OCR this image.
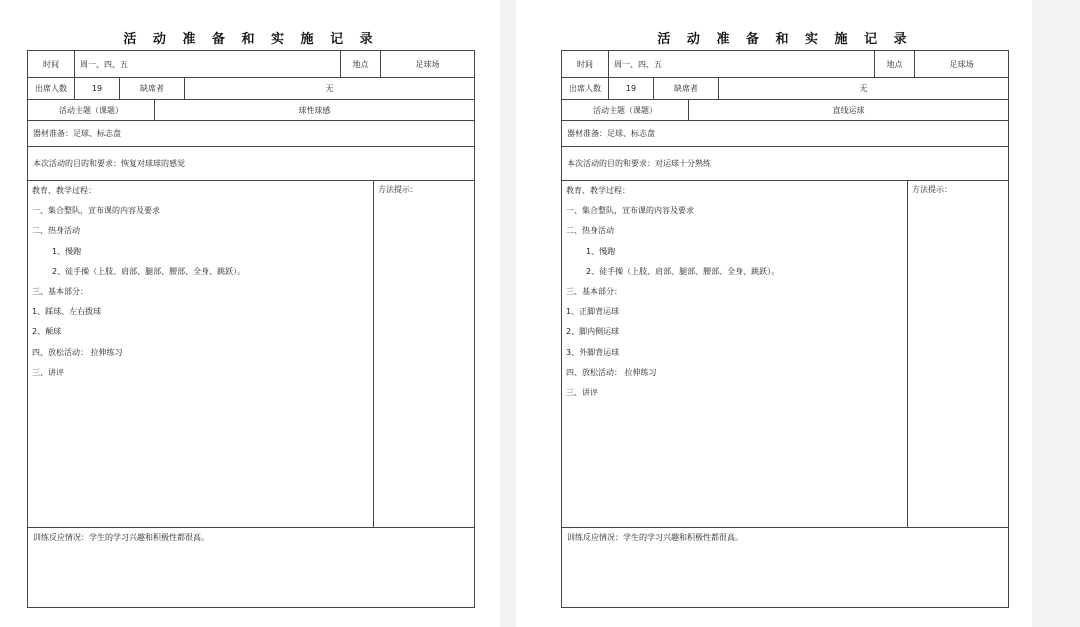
活 动 准 备 和 实 施 记 录
时间	周一、四、五	地点	足球场
出席人数	19	缺席者	无
活动主题（课题）	球性球感
器材准备：足球、标志盘
本次活动的目的和要求：恢复对球球的感觉
教育、教学过程：
一、集合整队，宣布课的内容及要求
二、热身活动
1、慢跑
2、徒手操（上肢、肩部、腿部、腰部、全身、跳跃）。
三、基本部分：
1、踩球、左右拨球
2、颠球
四、放松活动： 拉伸练习
三、讲评
方法提示：
训练反应情况：学生的学习兴趣和积极性都很高。
活 动 准 备 和 实 施 记 录
时间	周一、四、五	地点	足球场
出席人数	19	缺席者	无
活动主题（课题）	直线运球
器材准备：足球、标志盘
本次活动的目的和要求：对运球十分熟练
教育、教学过程：
一、集合整队，宣布课的内容及要求
二、热身活动
1、慢跑
2、徒手操（上肢、肩部、腿部、腰部、全身、跳跃）。
三、基本部分：
1、正脚背运球
2、脚内侧运球
3、外脚背运球
四、放松活动： 拉伸练习
三、讲评
方法提示：
训练反应情况：学生的学习兴趣和积极性都很高。
